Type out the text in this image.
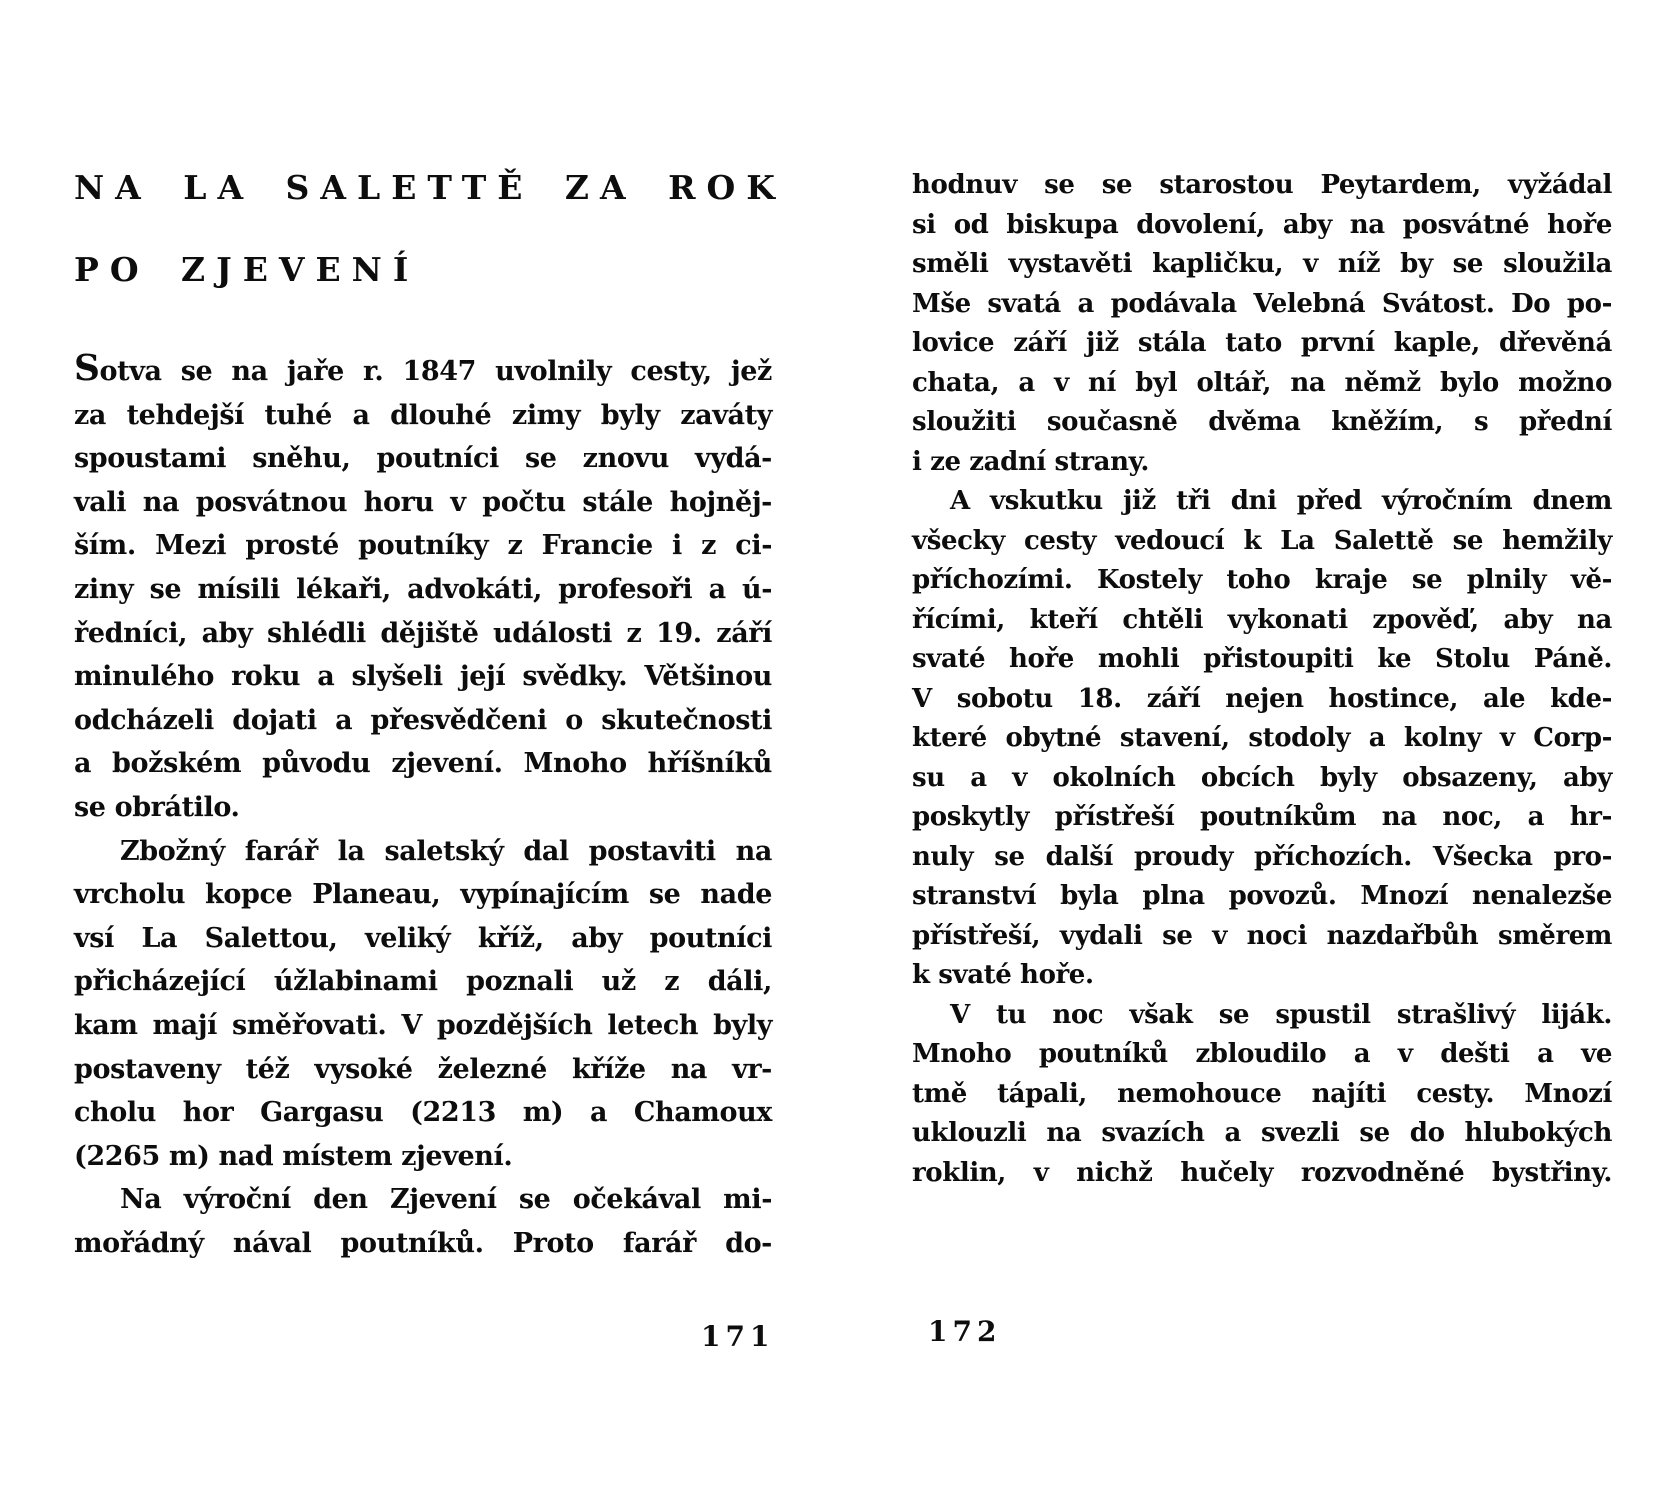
NA LA SALETTĚ ZA ROK
PO ZJEVENÍ
Sotva se na jaře r. 1847 uvolnily cesty, jež
za tehdejší tuhé a dlouhé zimy byly zaváty
spoustami sněhu, poutníci se znovu vydá-
vali na posvátnou horu v počtu stále hojněj-
ším. Mezi prosté poutníky z Francie i z ci-
ziny se mísili lékaři, advokáti, profesoři a ú-
ředníci, aby shlédli dějiště události z 19. září
minulého roku a slyšeli její svědky. Většinou
odcházeli dojati a přesvědčeni o skutečnosti
a božském původu zjevení. Mnoho hříšníků
se obrátilo.
Zbožný farář la saletský dal postaviti na
vrcholu kopce Planeau, vypínajícím se nade
vsí La Salettou, veliký kříž, aby poutníci
přicházející úžlabinami poznali už z dáli,
kam mají směřovati. V pozdějších letech byly
postaveny též vysoké železné kříže na vr-
cholu hor Gargasu (2213 m) a Chamoux
(2265 m) nad místem zjevení.
Na výroční den Zjevení se očekával mi-
mořádný nával poutníků. Proto farář do-
hodnuv se se starostou Peytardem, vyžádal
si od biskupa dovolení, aby na posvátné hoře
směli vystavěti kapličku, v níž by se sloužila
Mše svatá a podávala Velebná Svátost. Do po-
lovice září již stála tato první kaple, dřevěná
chata, a v ní byl oltář, na němž bylo možno
sloužiti současně dvěma kněžím, s přední
i ze zadní strany.
A vskutku již tři dni před výročním dnem
všecky cesty vedoucí k La Salettě se hemžily
příchozími. Kostely toho kraje se plnily vě-
řícími, kteří chtěli vykonati zpověď, aby na
svaté hoře mohli přistoupiti ke Stolu Páně.
V sobotu 18. září nejen hostince, ale kde-
které obytné stavení, stodoly a kolny v Corp-
su a v okolních obcích byly obsazeny, aby
poskytly přístřeší poutníkům na noc, a hr-
nuly se další proudy příchozích. Všecka pro-
stranství byla plna povozů. Mnozí nenalezše
přístřeší, vydali se v noci nazdařbůh směrem
k svaté hoře.
V tu noc však se spustil strašlivý liják.
Mnoho poutníků zbloudilo a v dešti a ve
tmě tápali, nemohouce najíti cesty. Mnozí
uklouzli na svazích a svezli se do hlubokých
roklin, v nichž hučely rozvodněné bystřiny.
171	172
